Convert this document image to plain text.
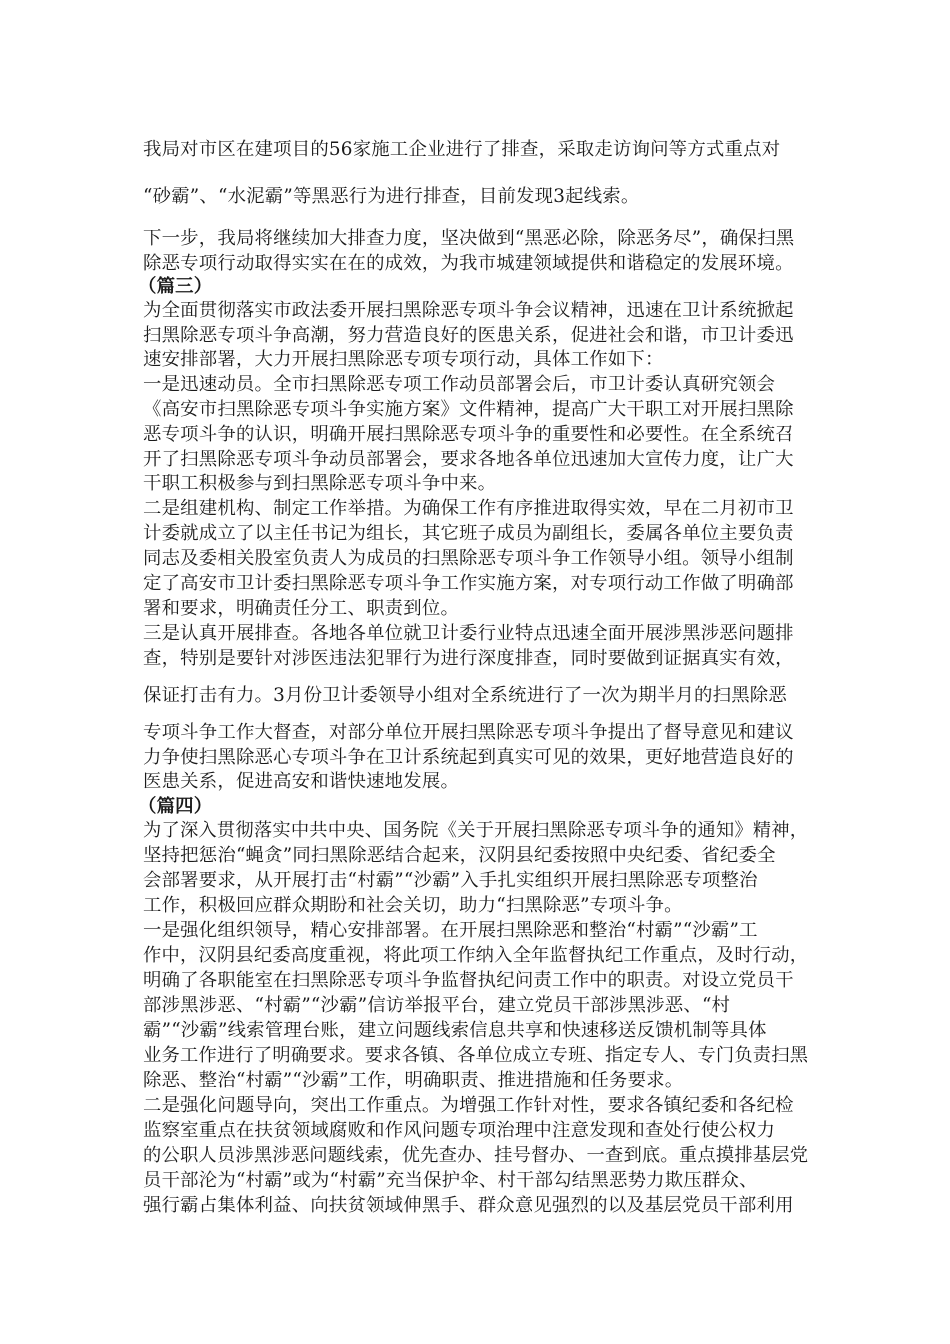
我局对市区在建项目的56家施工企业进行了排查，采取走访询问等方式重点对
“砂霸”、“水泥霸”等黑恶行为进行排查，目前发现3起线索。
下一步，我局将继续加大排查力度，坚决做到“黑恶必除，除恶务尽”，确保扫黑
除恶专项行动取得实实在在的成效，为我市城建领域提供和谐稳定的发展环境。
（篇三）
为全面贯彻落实市政法委开展扫黑除恶专项斗争会议精神，迅速在卫计系统掀起
扫黑除恶专项斗争高潮，努力营造良好的医患关系，促进社会和谐，市卫计委迅
速安排部署，大力开展扫黑除恶专项专项行动，具体工作如下：
一是迅速动员。全市扫黑除恶专项工作动员部署会后，市卫计委认真研究领会
《高安市扫黑除恶专项斗争实施方案》文件精神，提高广大干职工对开展扫黑除
恶专项斗争的认识，明确开展扫黑除恶专项斗争的重要性和必要性。在全系统召
开了扫黑除恶专项斗争动员部署会，要求各地各单位迅速加大宣传力度，让广大
干职工积极参与到扫黑除恶专项斗争中来。
二是组建机构、制定工作举措。为确保工作有序推进取得实效，早在二月初市卫
计委就成立了以主任书记为组长，其它班子成员为副组长，委属各单位主要负责
同志及委相关股室负责人为成员的扫黑除恶专项斗争工作领导小组。领导小组制
定了高安市卫计委扫黑除恶专项斗争工作实施方案，对专项行动工作做了明确部
署和要求，明确责任分工、职责到位。
三是认真开展排查。各地各单位就卫计委行业特点迅速全面开展涉黑涉恶问题排
查，特别是要针对涉医违法犯罪行为进行深度排查，同时要做到证据真实有效，
保证打击有力。3月份卫计委领导小组对全系统进行了一次为期半月的扫黑除恶
专项斗争工作大督查，对部分单位开展扫黑除恶专项斗争提出了督导意见和建议
力争使扫黑除恶心专项斗争在卫计系统起到真实可见的效果，更好地营造良好的
医患关系，促进高安和谐快速地发展。
（篇四）
为了深入贯彻落实中共中央、国务院《关于开展扫黑除恶专项斗争的通知》精神，
坚持把惩治“蝇贪”同扫黑除恶结合起来，汉阴县纪委按照中央纪委、省纪委全
会部署要求，从开展打击“村霸”“沙霸”入手扎实组织开展扫黑除恶专项整治
工作，积极回应群众期盼和社会关切，助力“扫黑除恶”专项斗争。
一是强化组织领导，精心安排部署。在开展扫黑除恶和整治“村霸”“沙霸”工
作中，汉阴县纪委高度重视，将此项工作纳入全年监督执纪工作重点，及时行动，
明确了各职能室在扫黑除恶专项斗争监督执纪问责工作中的职责。对设立党员干
部涉黑涉恶、“村霸”“沙霸”信访举报平台，建立党员干部涉黑涉恶、“村
霸”“沙霸”线索管理台账，建立问题线索信息共享和快速移送反馈机制等具体
业务工作进行了明确要求。要求各镇、各单位成立专班、指定专人、专门负责扫黑
除恶、整治“村霸”“沙霸”工作，明确职责、推进措施和任务要求。
二是强化问题导向，突出工作重点。为增强工作针对性，要求各镇纪委和各纪检
监察室重点在扶贫领域腐败和作风问题专项治理中注意发现和查处行使公权力
的公职人员涉黑涉恶问题线索，优先查办、挂号督办、一查到底。重点摸排基层党
员干部沦为“村霸”或为“村霸”充当保护伞、村干部勾结黑恶势力欺压群众、
强行霸占集体利益、向扶贫领域伸黑手、群众意见强烈的以及基层党员干部利用
